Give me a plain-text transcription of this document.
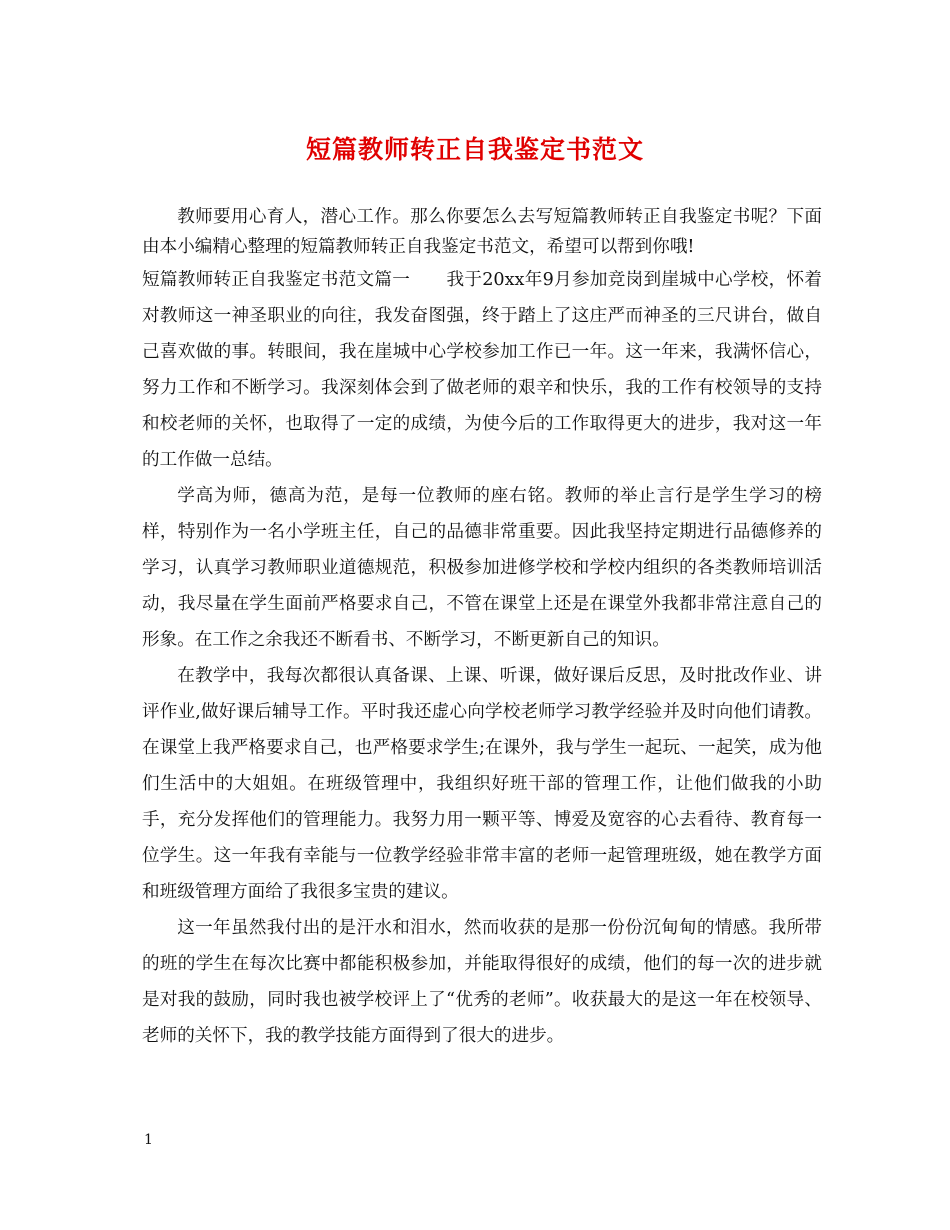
短篇教师转正自我鉴定书范文

教师要用心育人，潜心工作。那么你要怎么去写短篇教师转正自我鉴定书呢？下面由本小编精心整理的短篇教师转正自我鉴定书范文，希望可以帮到你哦!

短篇教师转正自我鉴定书范文篇一 我于20xx年9月参加竞岗到崖城中心学校，怀着对教师这一神圣职业的向往，我发奋图强，终于踏上了这庄严而神圣的三尺讲台，做自己喜欢做的事。转眼间，我在崖城中心学校参加工作已一年。这一年来，我满怀信心，努力工作和不断学习。我深刻体会到了做老师的艰辛和快乐，我的工作有校领导的支持和校老师的关怀，也取得了一定的成绩，为使今后的工作取得更大的进步，我对这一年的工作做一总结。

学高为师，德高为范，是每一位教师的座右铭。教师的举止言行是学生学习的榜样，特别作为一名小学班主任，自己的品德非常重要。因此我坚持定期进行品德修养的学习，认真学习教师职业道德规范，积极参加进修学校和学校内组织的各类教师培训活动，我尽量在学生面前严格要求自己，不管在课堂上还是在课堂外我都非常注意自己的形象。在工作之余我还不断看书、不断学习，不断更新自己的知识。

在教学中，我每次都很认真备课、上课、听课，做好课后反思，及时批改作业、讲评作业,做好课后辅导工作。平时我还虚心向学校老师学习教学经验并及时向他们请教。在课堂上我严格要求自己，也严格要求学生;在课外，我与学生一起玩、一起笑，成为他们生活中的大姐姐。在班级管理中，我组织好班干部的管理工作，让他们做我的小助手，充分发挥他们的管理能力。我努力用一颗平等、博爱及宽容的心去看待、教育每一位学生。这一年我有幸能与一位教学经验非常丰富的老师一起管理班级，她在教学方面和班级管理方面给了我很多宝贵的建议。

这一年虽然我付出的是汗水和泪水，然而收获的是那一份份沉甸甸的情感。我所带的班的学生在每次比赛中都能积极参加，并能取得很好的成绩，他们的每一次的进步就是对我的鼓励，同时我也被学校评上了“优秀的老师”。收获最大的是这一年在校领导、老师的关怀下，我的教学技能方面得到了很大的进步。

1
